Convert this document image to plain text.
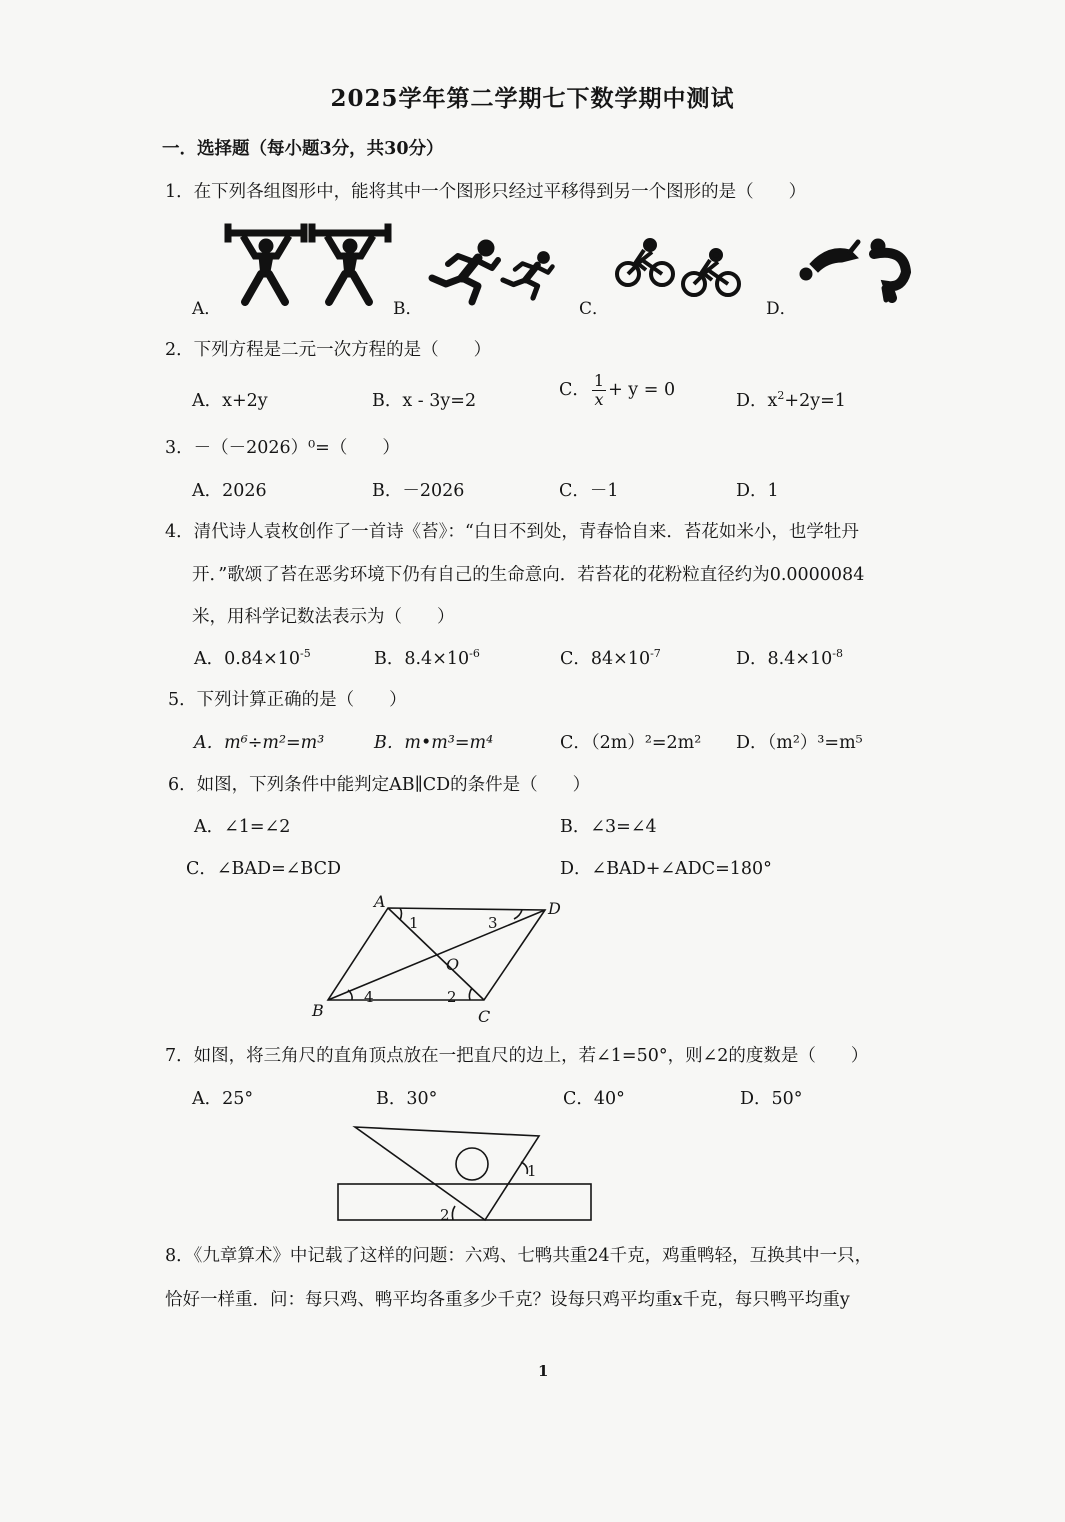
2025学年第二学期七下数学期中测试
一．选择题（每小题3分，共30分）
1．在下列各组图形中，能将其中一个图形只经过平移得到另一个图形的是（　　）
A．	B．	C．	D．
2．下列方程是二元一次方程的是（　　）
A．x+2y	B．x - 3y=2
C． $\frac{1}{x} + y = 0$
D．$x^2+2y=1$
3．－（－2026）⁰=（　　）
A．2026	B．－2026	C．－1	D．1
4．清代诗人袁枚创作了一首诗《苔》：“白日不到处，青春恰自来．苔花如米小，也学牡丹
开．”歌颂了苔在恶劣环境下仍有自己的生命意向．若苔花的花粉粒直径约为0.0000084
米，用科学记数法表示为（　　）
A．$0.84\times 10^{-5}$	B．$8.4\times 10^{-6}$	C．$84\times 10^{-7}$	D．$8.4\times 10^{-8}$
5．下列计算正确的是（　　）
A．m⁶÷m²=m³	B．m•m³=m⁴	C．（2m）²=2m² D．（m²）³=m⁵
6．如图，下列条件中能判定AB∥CD的条件是（　　）
A．∠1=∠2	B．∠3=∠4
C．∠BAD=∠BCD	D．∠BAD+∠ADC=180°
A	D
B	C
O
1	3
4	2
7．如图，将三角尺的直角顶点放在一把直尺的边上，若∠1=50°，则∠2的度数是（　　）
A．25°	B．30°	C．40°	D．50°
1
2
8．《九章算术》中记载了这样的问题：六鸡、七鸭共重24千克，鸡重鸭轻，互换其中一只，
恰好一样重．问：每只鸡、鸭平均各重多少千克？设每只鸡平均重x千克，每只鸭平均重y
1
